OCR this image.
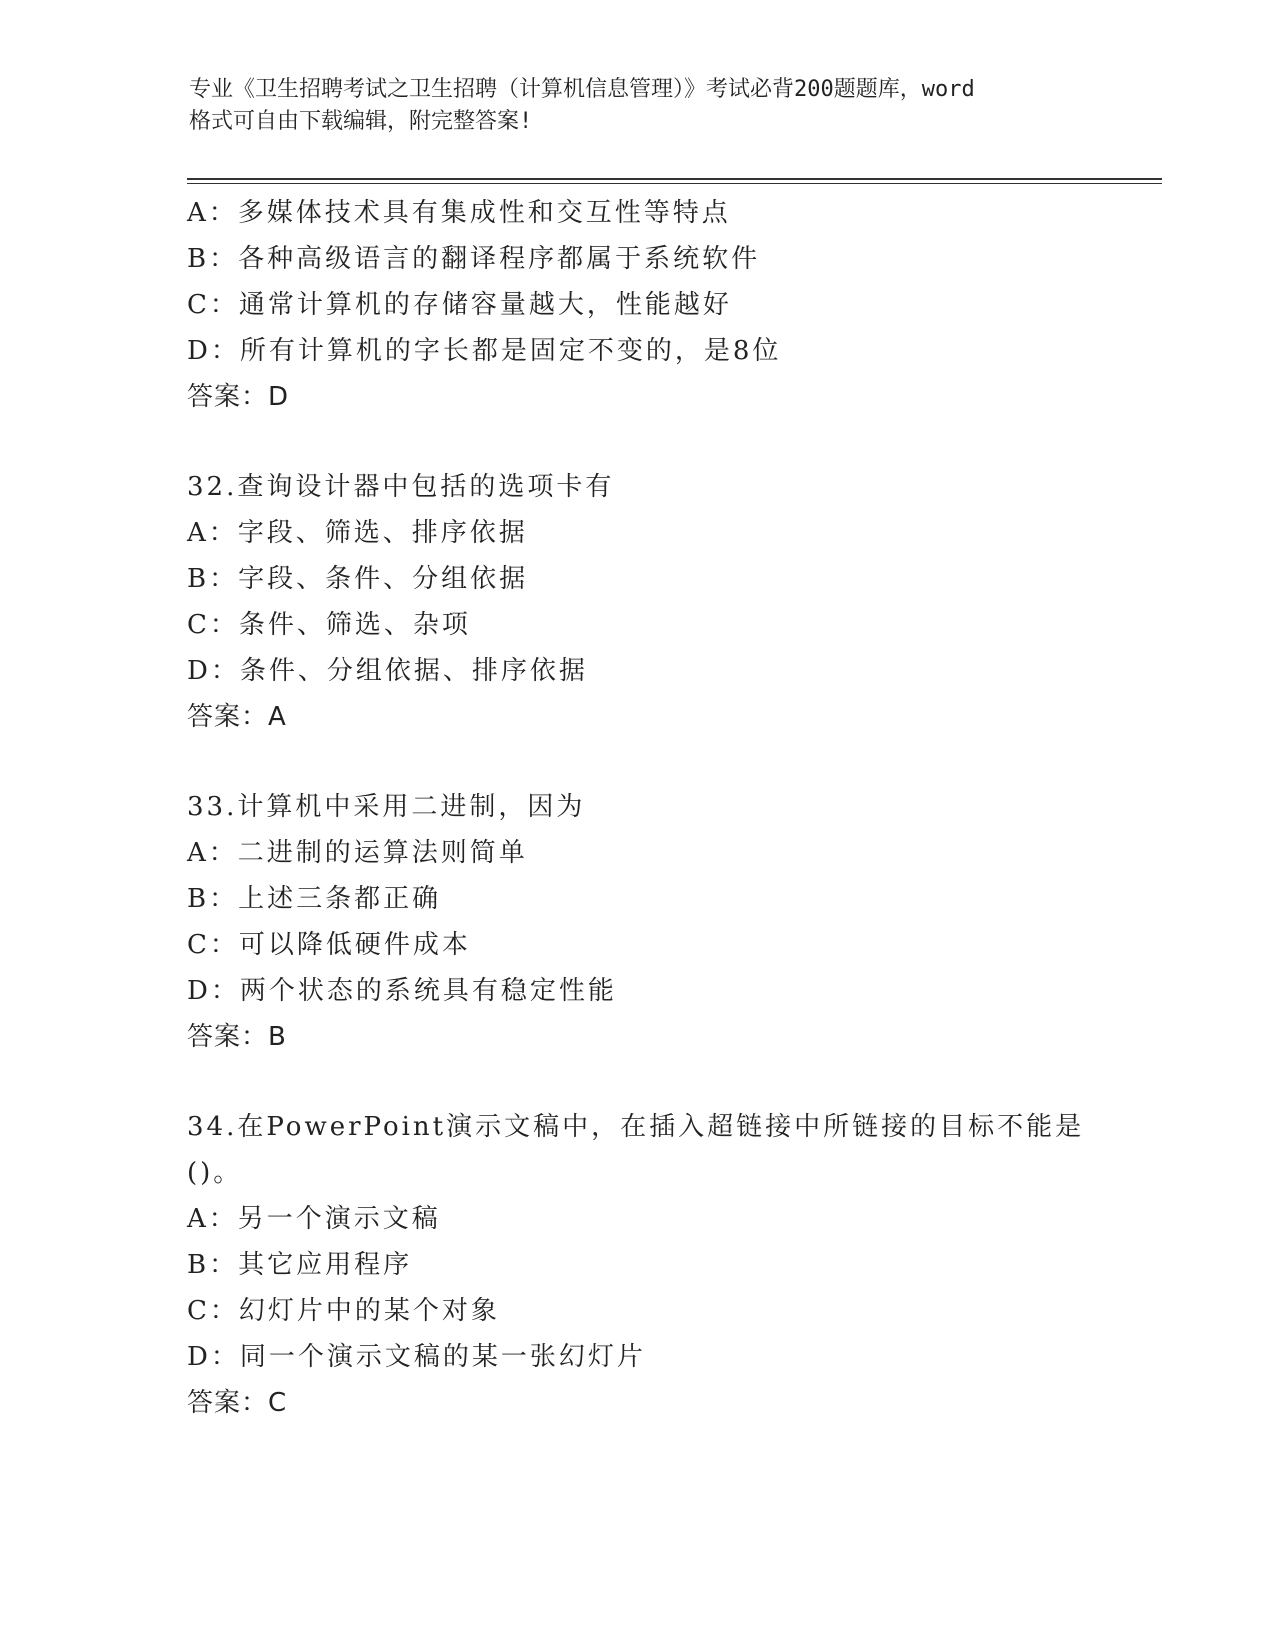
专业《卫生招聘考试之卫生招聘（计算机信息管理）》考试必背200题题库，word
格式可自由下载编辑，附完整答案!
A：多媒体技术具有集成性和交互性等特点
B：各种高级语言的翻译程序都属于系统软件
C：通常计算机的存储容量越大，性能越好
D：所有计算机的字长都是固定不变的，是8位
答案：D
32.查询设计器中包括的选项卡有
A：字段、筛选、排序依据
B：字段、条件、分组依据
C：条件、筛选、杂项
D：条件、分组依据、排序依据
答案：A
33.计算机中采用二进制，因为
A：二进制的运算法则简单
B：上述三条都正确
C：可以降低硬件成本
D：两个状态的系统具有稳定性能
答案：B
34.在PowerPoint演示文稿中，在插入超链接中所链接的目标不能是
()。
A：另一个演示文稿
B：其它应用程序
C：幻灯片中的某个对象
D：同一个演示文稿的某一张幻灯片
答案：C
